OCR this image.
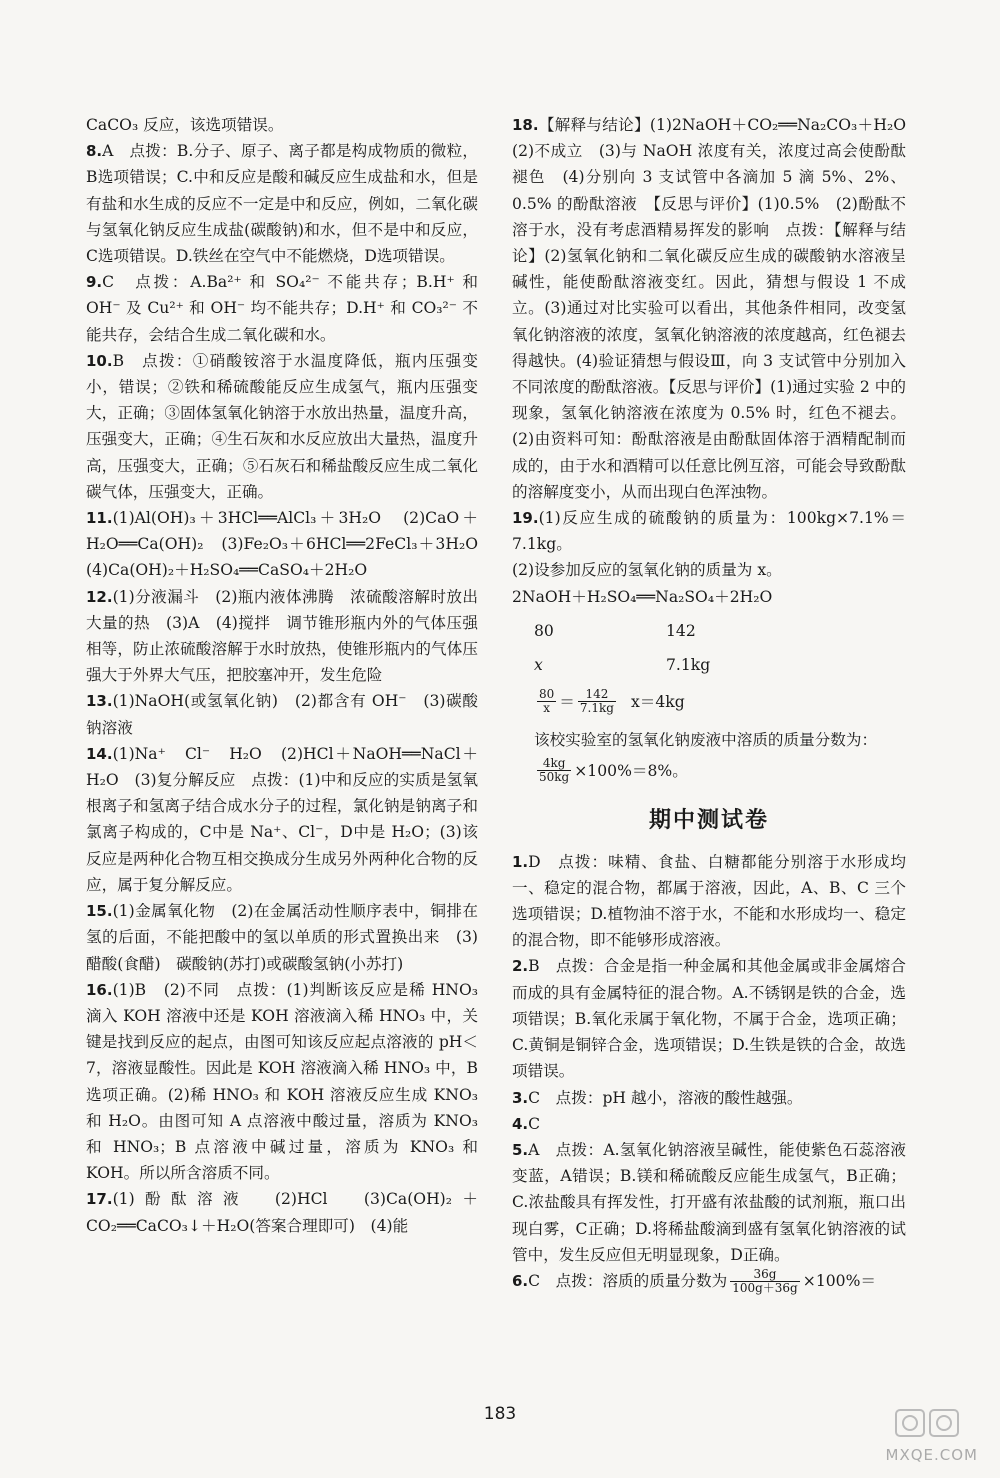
CaCO₃ 反应，该选项错误。

8.A　点拨：B.分子、原子、离子都是构成物质的微粒，B选项错误；C.中和反应是酸和碱反应生成盐和水，但是有盐和水生成的反应不一定是中和反应，例如，二氧化碳与氢氧化钠反应生成盐(碳酸钠)和水，但不是中和反应，C选项错误。D.铁丝在空气中不能燃烧，D选项错误。

9.C　点拨：A.Ba²⁺ 和 SO₄²⁻ 不能共存；B.H⁺ 和 OH⁻ 及 Cu²⁺ 和 OH⁻ 均不能共存；D.H⁺ 和 CO₃²⁻ 不能共存，会结合生成二氧化碳和水。

10.B　点拨：①硝酸铵溶于水温度降低，瓶内压强变小，错误；②铁和稀硫酸能反应生成氢气，瓶内压强变大，正确；③固体氢氧化钠溶于水放出热量，温度升高，压强变大，正确；④生石灰和水反应放出大量热，温度升高，压强变大，正确；⑤石灰石和稀盐酸反应生成二氧化碳气体，压强变大，正确。

11.(1)Al(OH)₃＋3HCl══AlCl₃＋3H₂O　(2)CaO＋H₂O══Ca(OH)₂　(3)Fe₂O₃＋6HCl══2FeCl₃＋3H₂O　(4)Ca(OH)₂＋H₂SO₄══CaSO₄＋2H₂O

12.(1)分液漏斗　(2)瓶内液体沸腾　浓硫酸溶解时放出大量的热　(3)A　(4)搅拌　调节锥形瓶内外的气体压强相等，防止浓硫酸溶解于水时放热，使锥形瓶内的气体压强大于外界大气压，把胶塞冲开，发生危险

13.(1)NaOH(或氢氧化钠)　(2)都含有 OH⁻　(3)碳酸钠溶液

14.(1)Na⁺　Cl⁻　H₂O　(2)HCl＋NaOH══NaCl＋H₂O　(3)复分解反应　点拨：(1)中和反应的实质是氢氧根离子和氢离子结合成水分子的过程，氯化钠是钠离子和氯离子构成的，C中是 Na⁺、Cl⁻，D中是 H₂O；(3)该反应是两种化合物互相交换成分生成另外两种化合物的反应，属于复分解反应。

15.(1)金属氧化物　(2)在金属活动性顺序表中，铜排在氢的后面，不能把酸中的氢以单质的形式置换出来　(3)醋酸(食醋)　碳酸钠(苏打)或碳酸氢钠(小苏打)

16.(1)B　(2)不同　点拨：(1)判断该反应是稀 HNO₃ 滴入 KOH 溶液中还是 KOH 溶液滴入稀 HNO₃ 中，关键是找到反应的起点，由图可知该反应起点溶液的 pH＜7，溶液显酸性。因此是 KOH 溶液滴入稀 HNO₃ 中，B选项正确。(2)稀 HNO₃ 和 KOH 溶液反应生成 KNO₃ 和 H₂O。由图可知 A 点溶液中酸过量，溶质为 KNO₃ 和 HNO₃；B 点溶液中碱过量，溶质为 KNO₃ 和 KOH。所以所含溶质不同。

17.(1)酚酞溶液　(2)HCl　(3)Ca(OH)₂＋CO₂══CaCO₃↓＋H₂O(答案合理即可)　(4)能

18.【解释与结论】(1)2NaOH＋CO₂══Na₂CO₃＋H₂O　(2)不成立　(3)与 NaOH 浓度有关，浓度过高会使酚酞褪色　(4)分别向 3 支试管中各滴加 5 滴 5%、2%、0.5% 的酚酞溶液　【反思与评价】(1)0.5%　(2)酚酞不溶于水，没有考虑酒精易挥发的影响　点拨：【解释与结论】(2)氢氧化钠和二氧化碳反应生成的碳酸钠水溶液呈碱性，能使酚酞溶液变红。因此，猜想与假设 1 不成立。(3)通过对比实验可以看出，其他条件相同，改变氢氧化钠溶液的浓度，氢氧化钠溶液的浓度越高，红色褪去得越快。(4)验证猜想与假设Ⅲ，向 3 支试管中分别加入不同浓度的酚酞溶液。【反思与评价】(1)通过实验 2 中的现象，氢氧化钠溶液在浓度为 0.5% 时，红色不褪去。(2)由资料可知：酚酞溶液是由酚酞固体溶于酒精配制而成的，由于水和酒精可以任意比例互溶，可能会导致酚酞的溶解度变小，从而出现白色浑浊物。

19.(1)反应生成的硫酸钠的质量为：100kg×7.1%＝7.1kg。

(2)设参加反应的氢氧化钠的质量为 x。

2NaOH＋H₂SO₄══Na₂SO₄＋2H₂O

80	142
x	7.1kg
$\frac{80}{x} = \frac{142}{7.1kg} x=4kg$

该校实验室的氢氧化钠废液中溶质的质量分数为：

$\frac{4kg}{50kg} \times 100\%=8\%$。
期中测试卷

1.D　点拨：味精、食盐、白糖都能分别溶于水形成均一、稳定的混合物，都属于溶液，因此，A、B、C 三个选项错误；D.植物油不溶于水，不能和水形成均一、稳定的混合物，即不能够形成溶液。

2.B　点拨：合金是指一种金属和其他金属或非金属熔合而成的具有金属特征的混合物。A.不锈钢是铁的合金，选项错误；B.氧化汞属于氧化物，不属于合金，选项正确；C.黄铜是铜锌合金，选项错误；D.生铁是铁的合金，故选项错误。

3.C　点拨：pH 越小，溶液的酸性越强。

4.C

5.A　点拨：A.氢氧化钠溶液呈碱性，能使紫色石蕊溶液变蓝，A错误；B.镁和稀硫酸反应能生成氢气，B正确；C.浓盐酸具有挥发性，打开盛有浓盐酸的试剂瓶，瓶口出现白雾，C正确；D.将稀盐酸滴到盛有氢氧化钠溶液的试管中，发生反应但无明显现象，D正确。

6.C　点拨：溶质的质量分数为 $\frac{36g}{100g+36g} \times 100\%=$

183
MXQE.COM
